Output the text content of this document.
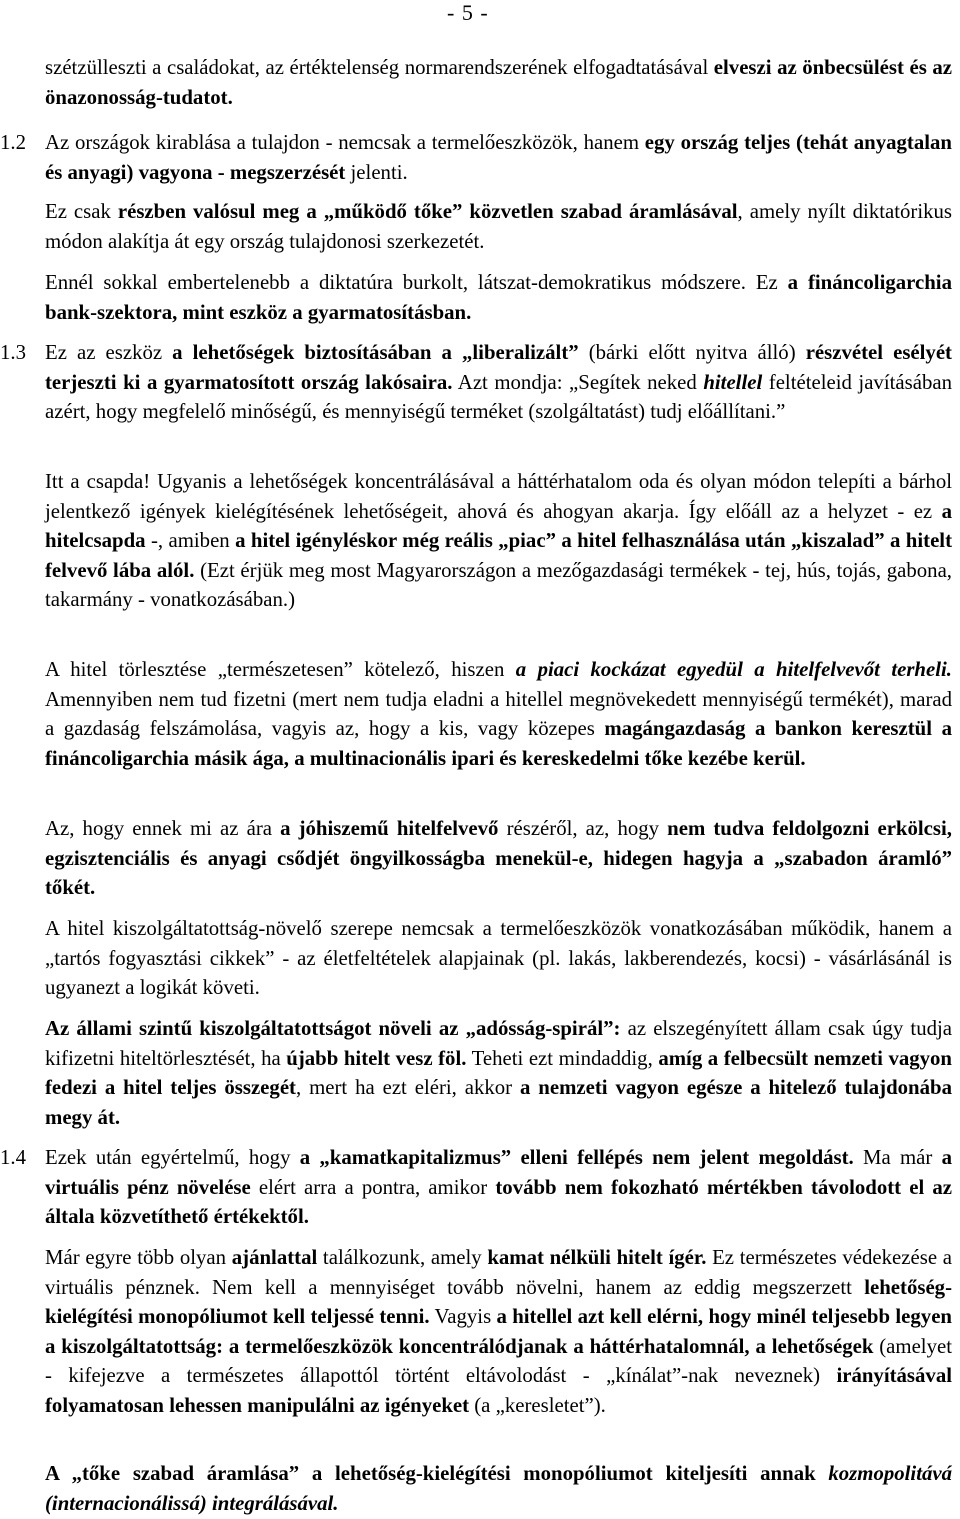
- 5 -

szétzülleszti a családokat, az értéktelenség normarendszerének elfogadtatásával elveszi az önbecsülést és az önazonosság-tudatot.

1.2 Az országok kirablása a tulajdon - nemcsak a termelőeszközök, hanem egy ország teljes (tehát anyagtalan és anyagi) vagyona - megszerzését jelenti.

Ez csak részben valósul meg a „működő tőke” közvetlen szabad áramlásával, amely nyílt diktatórikus módon alakítja át egy ország tulajdonosi szerkezetét.

Ennél sokkal embertelenebb a diktatúra burkolt, látszat-demokratikus módszere. Ez a fináncoligarchia bank-szektora, mint eszköz a gyarmatosításban.

1.3 Ez az eszköz a lehetőségek biztosításában a „liberalizált” (bárki előtt nyitva álló) részvétel esélyét terjeszti ki a gyarmatosított ország lakósaira. Azt mondja: „Segítek neked hitellel feltételeid javításában azért, hogy megfelelő minőségű, és mennyiségű terméket (szolgáltatást) tudj előállítani.”

Itt a csapda! Ugyanis a lehetőségek koncentrálásával a háttérhatalom oda és olyan módon telepíti a bárhol jelentkező igények kielégítésének lehetőségeit, ahová és ahogyan akarja. Így előáll az a helyzet - ez a hitelcsapda -, amiben a hitel igényléskor még reális „piac” a hitel felhasználása után „kiszalad” a hitelt felvevő lába alól. (Ezt érjük meg most Magyarországon a mezőgazdasági termékek - tej, hús, tojás, gabona, takarmány - vonatkozásában.)

A hitel törlesztése „természetesen” kötelező, hiszen a piaci kockázat egyedül a hitelfelvevőt terheli. Amennyiben nem tud fizetni (mert nem tudja eladni a hitellel megnövekedett mennyiségű termékét), marad a gazdaság felszámolása, vagyis az, hogy a kis, vagy közepes magángazdaság a bankon keresztül a fináncoligarchia másik ága, a multinacionális ipari és kereskedelmi tőke kezébe kerül.

Az, hogy ennek mi az ára a jóhiszemű hitelfelvevő részéről, az, hogy nem tudva feldolgozni erkölcsi, egzisztenciális és anyagi csődjét öngyilkosságba menekül-e, hidegen hagyja a „szabadon áramló” tőkét.

A hitel kiszolgáltatottság-növelő szerepe nemcsak a termelőeszközök vonatkozásában működik, hanem a „tartós fogyasztási cikkek” - az életfeltételek alapjainak (pl. lakás, lakberendezés, kocsi) - vásárlásánál is ugyanezt a logikát követi.

Az állami szintű kiszolgáltatottságot növeli az „adósság-spirál”: az elszegényített állam csak úgy tudja kifizetni hiteltörlesztését, ha újabb hitelt vesz föl. Teheti ezt mindaddig, amíg a felbecsült nemzeti vagyon fedezi a hitel teljes összegét, mert ha ezt eléri, akkor a nemzeti vagyon egésze a hitelező tulajdonába megy át.

1.4 Ezek után egyértelmű, hogy a „kamatkapitalizmus” elleni fellépés nem jelent megoldást. Ma már a virtuális pénz növelése elért arra a pontra, amikor tovább nem fokozható mértékben távolodott el az általa közvetíthető értékektől.

Már egyre több olyan ajánlattal találkozunk, amely kamat nélküli hitelt ígér. Ez természetes védekezése a virtuális pénznek. Nem kell a mennyiséget tovább növelni, hanem az eddig megszerzett lehetőség-kielégítési monopóliumot kell teljessé tenni. Vagyis a hitellel azt kell elérni, hogy minél teljesebb legyen a kiszolgáltatottság: a termelőeszközök koncentrálódjanak a háttérhatalomnál, a lehetőségek (amelyet - kifejezve a természetes állapottól történt eltávolodást - „kínálat”-nak neveznek) irányításával folyamatosan lehessen manipulálni az igényeket (a „keresletet”).

A „tőke szabad áramlása” a lehetőség-kielégítési monopóliumot kiteljesíti annak kozmopolitává (internacionálissá) integrálásával.
